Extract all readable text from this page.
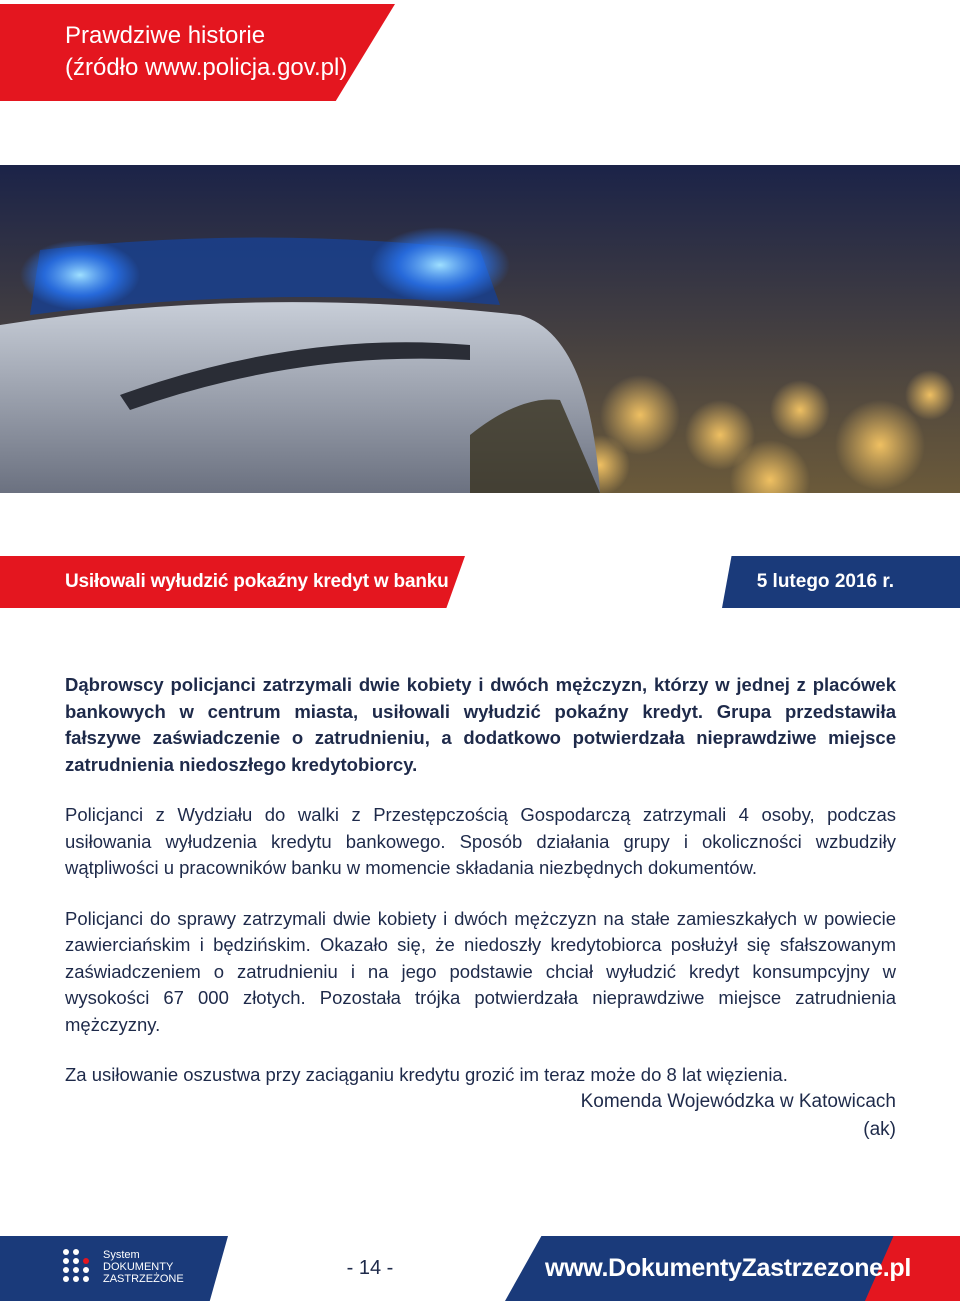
Prawdziwe historie
(źródło www.policja.gov.pl)
Usiłowali wyłudzić pokaźny kredyt w banku	5 lutego 2016 r.

Dąbrowscy policjanci zatrzymali dwie kobiety i dwóch mężczyzn, którzy w jednej z placówek bankowych w centrum miasta, usiłowali wyłudzić pokaźny kredyt. Grupa przedstawiła fałszywe zaświadczenie o zatrudnieniu, a dodatkowo potwierdzała nieprawdziwe miejsce zatrudnienia niedoszłego kredytobiorcy.

Policjanci z Wydziału do walki z Przestępczością Gospodarczą zatrzymali 4 osoby, podczas usiłowania wyłudzenia kredytu bankowego. Sposób działania grupy i okoliczności wzbudziły wątpliwości u pracowników banku w momencie składania niezbędnych dokumentów.

Policjanci do sprawy zatrzymali dwie kobiety i dwóch mężczyzn na stałe zamieszkałych w powiecie zawierciańskim i będzińskim. Okazało się, że niedoszły kredytobiorca posłużył się sfałszowanym zaświadczeniem o zatrudnieniu i na jego podstawie chciał wyłudzić kredyt konsumpcyjny w wysokości 67 000 złotych. Pozostała trójka potwierdzała nieprawdziwe miejsce zatrudnienia mężczyzny.

Za usiłowanie oszustwa przy zaciąganiu kredytu grozić im teraz może do 8 lat więzienia.

Komenda Wojewódzka w Katowicach
(ak)
System
DOKUMENTY
ZASTRZEŻONE	- 14 -	www.DokumentyZastrzezone.pl
